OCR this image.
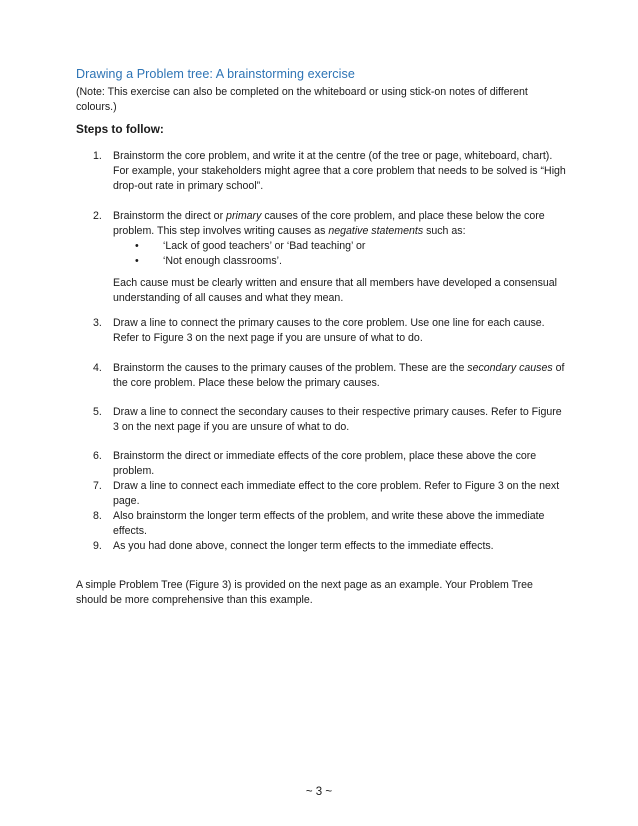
Drawing a Problem tree: A brainstorming exercise
(Note: This exercise can also be completed on the whiteboard or using stick-on notes of different colours.)
Steps to follow:
1. Brainstorm the core problem, and write it at the centre (of the tree or page, whiteboard, chart). For example, your stakeholders might agree that a core problem that needs to be solved is “High drop-out rate in primary school”.
2. Brainstorm the direct or primary causes of the core problem, and place these below the core problem. This step involves writing causes as negative statements such as:
• ‘Lack of good teachers’ or ‘Bad teaching’ or
• ‘Not enough classrooms’.
Each cause must be clearly written and ensure that all members have developed a consensual understanding of all causes and what they mean.
3. Draw a line to connect the primary causes to the core problem. Use one line for each cause. Refer to Figure 3 on the next page if you are unsure of what to do.
4. Brainstorm the causes to the primary causes of the problem. These are the secondary causes of the core problem. Place these below the primary causes.
5. Draw a line to connect the secondary causes to their respective primary causes. Refer to Figure 3 on the next page if you are unsure of what to do.
6. Brainstorm the direct or immediate effects of the core problem, place these above the core problem.
7. Draw a line to connect each immediate effect to the core problem. Refer to Figure 3 on the next page.
8. Also brainstorm the longer term effects of the problem, and write these above the immediate effects.
9. As you had done above, connect the longer term effects to the immediate effects.
A simple Problem Tree (Figure 3) is provided on the next page as an example. Your Problem Tree should be more comprehensive than this example.
~ 3 ~
